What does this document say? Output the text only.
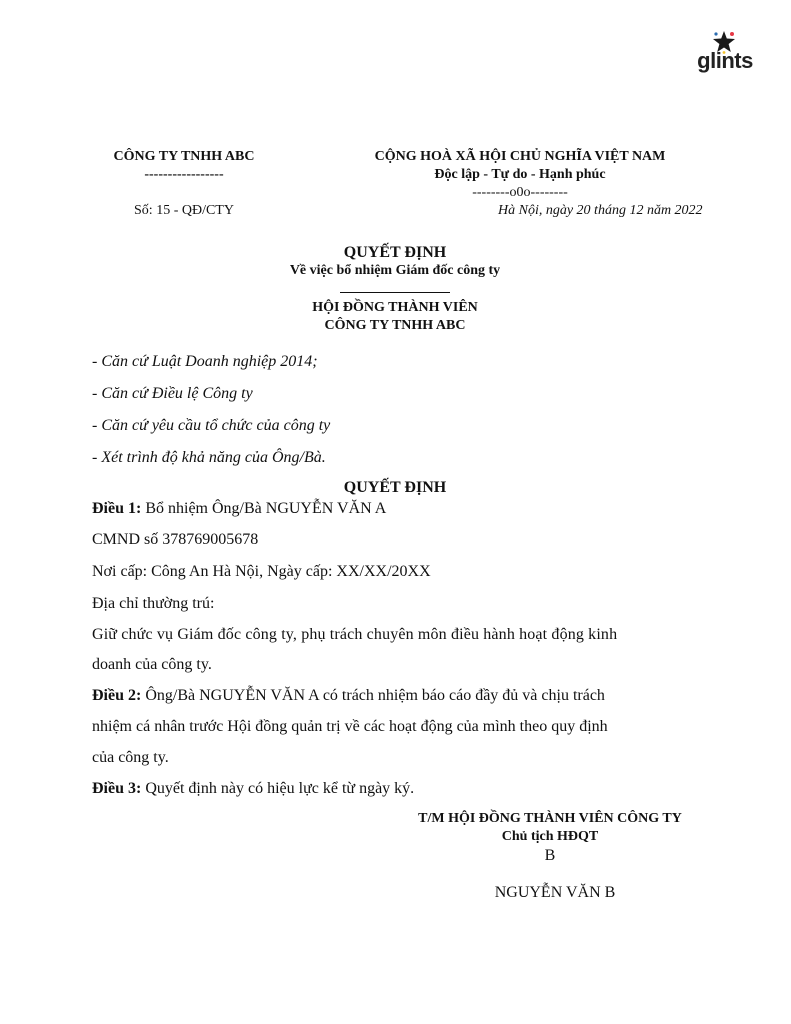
glints
CÔNG TY TNHH ABC
-----------------
Số: 15 - QĐ/CTY
CỘNG HOÀ XÃ HỘI CHỦ NGHĨA VIỆT NAM
Độc lập - Tự do - Hạnh phúc
--------o0o--------
Hà Nội, ngày 20 tháng 12 năm 2022
QUYẾT ĐỊNH
Về việc bổ nhiệm Giám đốc công ty
HỘI ĐỒNG THÀNH VIÊN
CÔNG TY TNHH ABC
- Căn cứ Luật Doanh nghiệp 2014;
- Căn cứ Điều lệ Công ty
- Căn cứ yêu cầu tổ chức của công ty
- Xét trình độ khả năng của Ông/Bà.
QUYẾT ĐỊNH
Điều 1: Bổ nhiệm Ông/Bà NGUYỄN VĂN A
CMND số 378769005678
Nơi cấp: Công An Hà Nội, Ngày cấp: XX/XX/20XX
Địa chỉ thường trú:
Giữ chức vụ Giám đốc công ty, phụ trách chuyên môn điều hành hoạt động kinh
doanh của công ty.
Điều 2: Ông/Bà NGUYỄN VĂN A có trách nhiệm báo cáo đầy đủ và chịu trách
nhiệm cá nhân trước Hội đồng quản trị về các hoạt động của mình theo quy định
của công ty.
Điều 3: Quyết định này có hiệu lực kể từ ngày ký.
T/M HỘI ĐỒNG THÀNH VIÊN CÔNG TY
Chủ tịch HĐQT
B
NGUYỄN VĂN B
